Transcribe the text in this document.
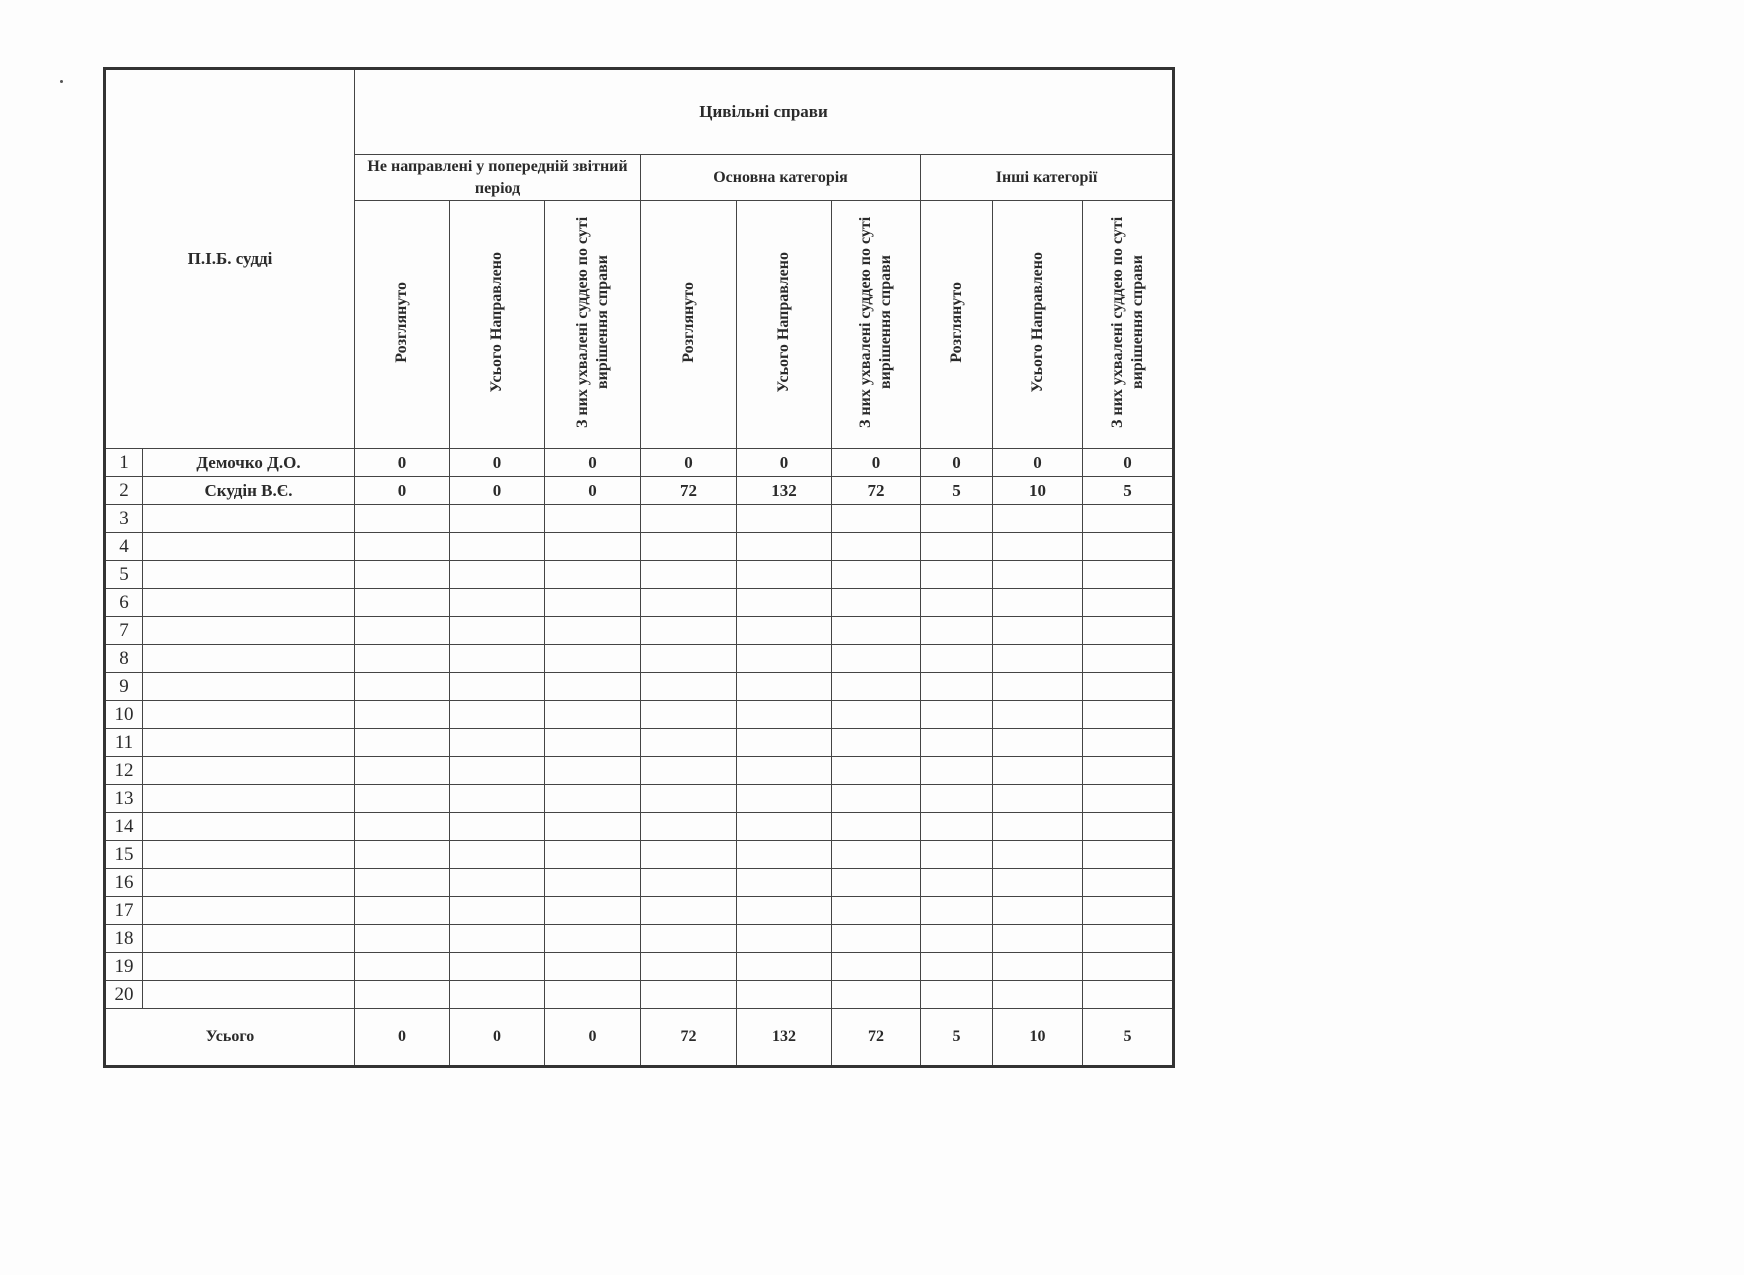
П.І.Б. судді		Цивільні справи								
		Не направлені у попередній звітний період			Основна категорія			Інші категорії		
		Розглянуто	Усього Направлено	З них ухвалені суддею по суті вирішення справи	Розглянуто	Усього Направлено	З них ухвалені суддею по суті вирішення справи	Розглянуто	Усього Направлено	З них ухвалені суддею по суті вирішення справи
1	Демочко Д.О.	0	0	0	0	0	0	0	0	0
2	Скудін В.Є.	0	0	0	72	132	72	5	10	5
3										
4										
5										
6										
7										
8										
9										
10										
11										
12										
13										
14										
15										
16										
17										
18										
19										
20										
Усього		0	0	0	72	132	72	5	10	5
